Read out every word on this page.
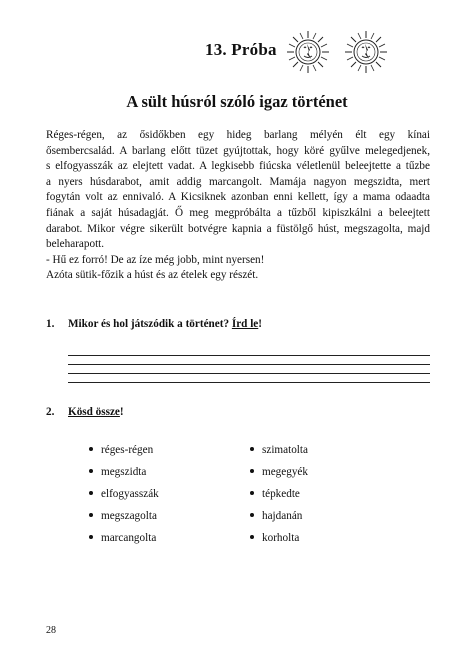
13. Próba
A sült húsról szóló igaz történet

Réges-régen, az ősidőkben egy hideg barlang mélyén élt egy kínai

ősembercsalád. A barlang előtt tüzet gyújtottak, hogy köré gyűlve melegedjenek,

s elfogyasszák az elejtett vadat. A legkisebb fiúcska véletlenül beleejtette a tűzbe

a nyers húsdarabot, amit addig marcangolt. Mamája nagyon megszidta, mert

fogytán volt az ennivaló. A Kicsiknek azonban enni kellett, így a mama odaadta

fiának a saját húsadagját. Ő meg megpróbálta a tűzből kipiszkálni a beleejtett

darabot. Mikor végre sikerült botvégre kapnia a füstölgő húst, megszagolta, majd

beleharapott.

- Hű ez forró! De az íze még jobb, mint nyersen!

Azóta sütik-főzik a húst és az ételek egy részét.

1. Mikor és hol játszódik a történet? Írd le!
2. Kösd össze!
réges-régen
megszidta
elfogyasszák
megszagolta
marcangolta
szimatolta
megegyék
tépkedte
hajdanán
korholta
28
